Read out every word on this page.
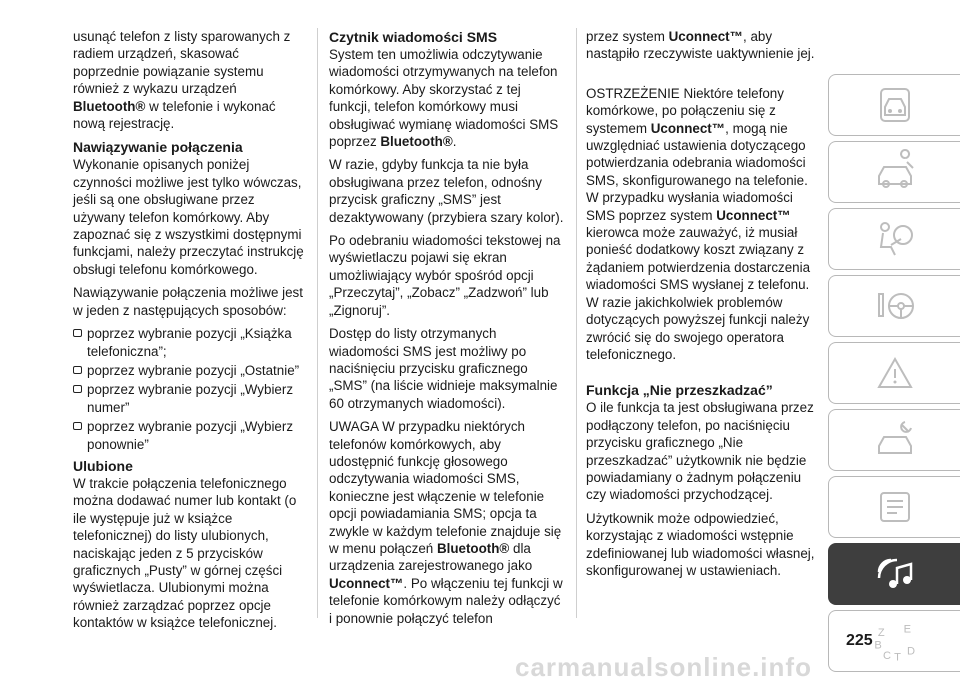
usunąć telefon z listy sparowanych z radiem urządzeń, skasować poprzednie powiązanie systemu również z wykazu urządzeń Bluetooth® w telefonie i wykonać nową rejestrację.

Nawiązywanie połączenia

Wykonanie opisanych poniżej czynności możliwe jest tylko wówczas, jeśli są one obsługiwane przez używany telefon komórkowy. Aby zapoznać się z wszystkimi dostępnymi funkcjami, należy przeczytać instrukcję obsługi telefonu komórkowego.

Nawiązywanie połączenia możliwe jest w jeden z następujących sposobów:

poprzez wybranie pozycji „Książka telefoniczna”;
poprzez wybranie pozycji „Ostatnie”
poprzez wybranie pozycji „Wybierz numer”
poprzez wybranie pozycji „Wybierz ponownie”
Ulubione

W trakcie połączenia telefonicznego można dodawać numer lub kontakt (o ile występuje już w książce telefonicznej) do listy ulubionych, naciskając jeden z 5 przycisków graficznych „Pusty” w górnej części wyświetlacza. Ulubionymi można również zarządzać poprzez opcje kontaktów w książce telefonicznej.

Czytnik wiadomości SMS

System ten umożliwia odczytywanie wiadomości otrzymywanych na telefon komórkowy. Aby skorzystać z tej funkcji, telefon komórkowy musi obsługiwać wymianę wiadomości SMS poprzez Bluetooth®.

W razie, gdyby funkcja ta nie była obsługiwana przez telefon, odnośny przycisk graficzny „SMS” jest dezaktywowany (przybiera szary kolor).

Po odebraniu wiadomości tekstowej na wyświetlaczu pojawi się ekran umożliwiający wybór spośród opcji „Przeczytaj”, „Zobacz” „Zadzwoń” lub „Zignoruj”.

Dostęp do listy otrzymanych wiadomości SMS jest możliwy po naciśnięciu przycisku graficznego „SMS” (na liście widnieje maksymalnie 60 otrzymanych wiadomości).

UWAGA W przypadku niektórych telefonów komórkowych, aby udostępnić funkcję głosowego odczytywania wiadomości SMS, konieczne jest włączenie w telefonie opcji powiadamiania SMS; opcja ta zwykle w każdym telefonie znajduje się w menu połączeń Bluetooth® dla urządzenia zarejestrowanego jako Uconnect™. Po włączeniu tej funkcji w telefonie komórkowym należy odłączyć i ponownie połączyć telefon

przez system Uconnect™, aby nastąpiło rzeczywiste uaktywnienie jej.

OSTRZEŻENIE Niektóre telefony komórkowe, po połączeniu się z systemem Uconnect™, mogą nie uwzględniać ustawienia dotyczącego potwierdzania odebrania wiadomości SMS, skonfigurowanego na telefonie. W przypadku wysłania wiadomości SMS poprzez system Uconnect™ kierowca może zauważyć, iż musiał ponieść dodatkowy koszt związany z żądaniem potwierdzenia dostarczenia wiadomości SMS wysłanej z telefonu. W razie jakichkolwiek problemów dotyczących powyższej funkcji należy zwrócić się do swojego operatora telefonicznego.

Funkcja „Nie przeszkadzać”

O ile funkcja ta jest obsługiwana przez podłączony telefon, po naciśnięciu przycisku graficznego „Nie przeszkadzać” użytkownik nie będzie powiadamiany o żadnym połączeniu czy wiadomości przychodzącej.

Użytkownik może odpowiedzieć, korzystając z wiadomości wstępnie zdefiniowanej lub wiadomości własnej, skonfigurowanej w ustawieniach.

Z E
B
C T D
225
carmanualsonline.info
